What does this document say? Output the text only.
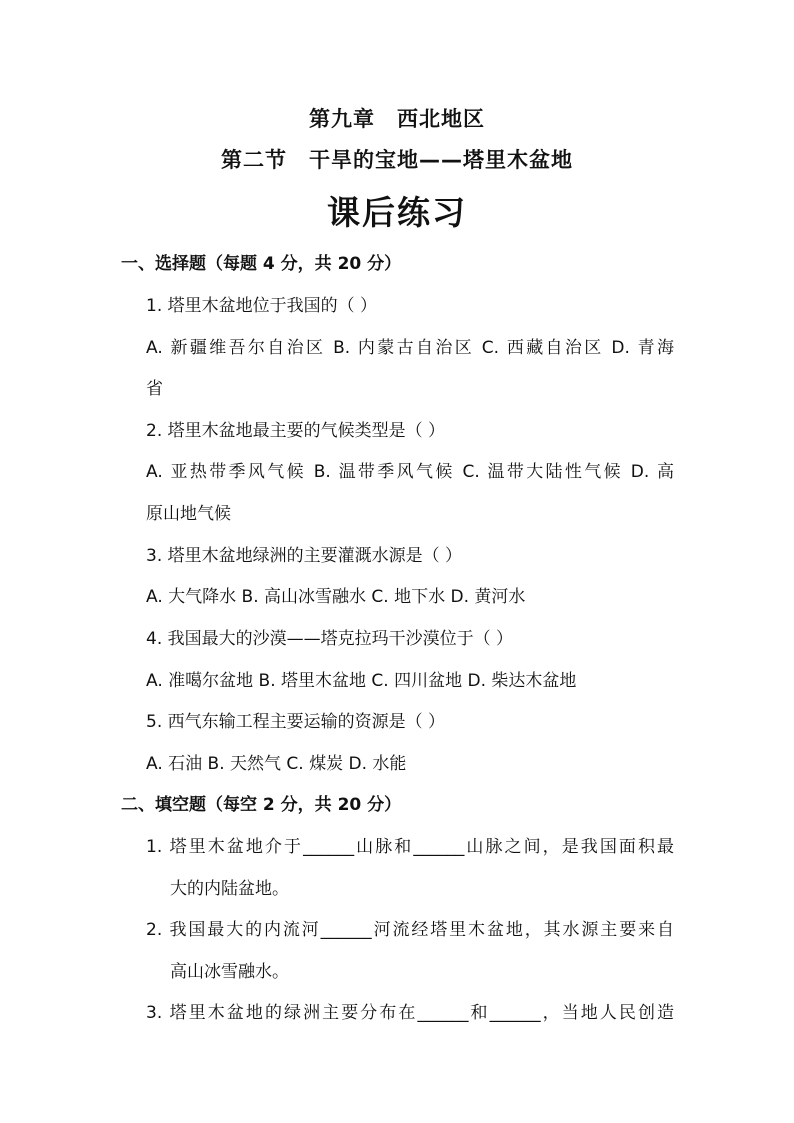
第九章　西北地区
第二节　干旱的宝地——塔里木盆地
课后练习
一、选择题（每题 4 分，共 20 分）
1. 塔里木盆地位于我国的（ ）
A. 新疆维吾尔自治区 B. 内蒙古自治区 C. 西藏自治区 D. 青海
省
2. 塔里木盆地最主要的气候类型是（ ）
A. 亚热带季风气候 B. 温带季风气候 C. 温带大陆性气候 D. 高
原山地气候
3. 塔里木盆地绿洲的主要灌溉水源是（ ）
A. 大气降水 B. 高山冰雪融水 C. 地下水 D. 黄河水
4. 我国最大的沙漠——塔克拉玛干沙漠位于（ ）
A. 准噶尔盆地 B. 塔里木盆地 C. 四川盆地 D. 柴达木盆地
5. 西气东输工程主要运输的资源是（ ）
A. 石油 B. 天然气 C. 煤炭 D. 水能
二、填空题（每空 2 分，共 20 分）
1. 塔里木盆地介于______山脉和______山脉之间，是我国面积最
大的内陆盆地。
2. 我国最大的内流河______河流经塔里木盆地，其水源主要来自
高山冰雪融水。
3. 塔里木盆地的绿洲主要分布在______和______，当地人民创造
